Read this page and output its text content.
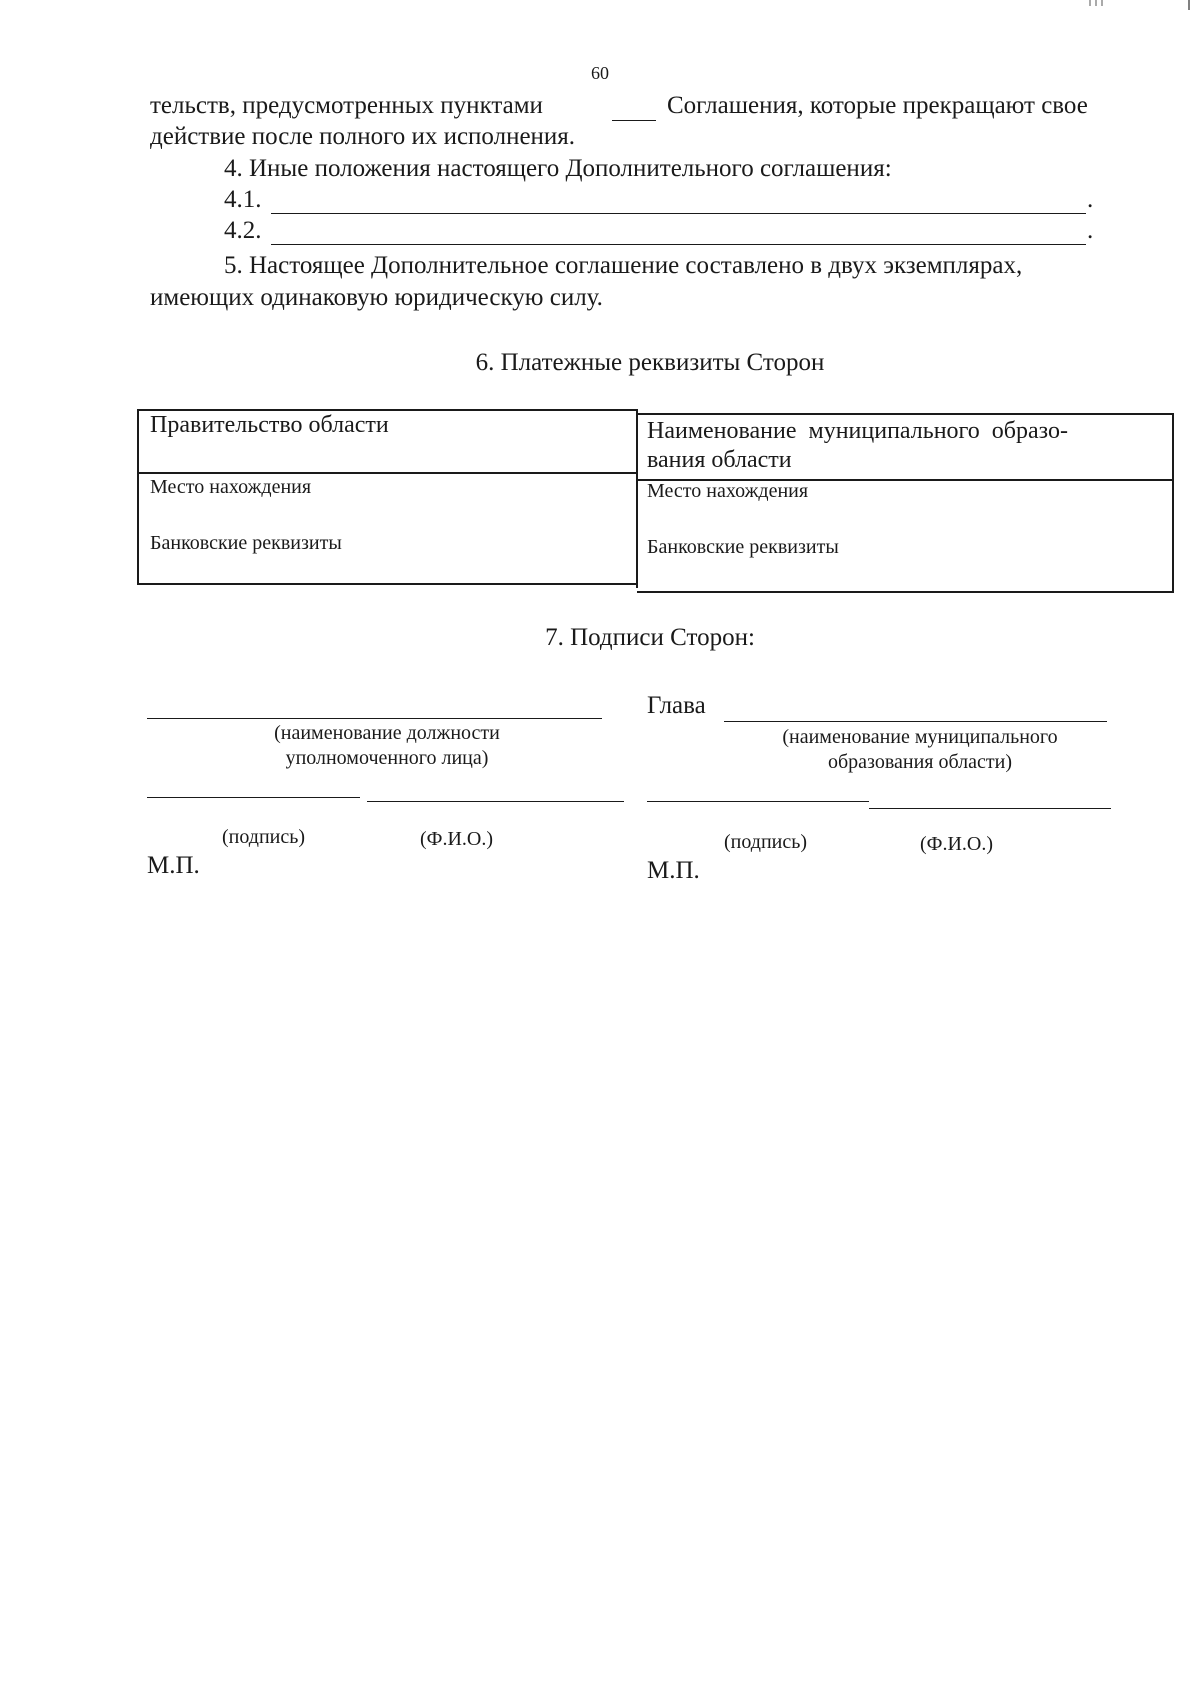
60
тельств, предусмотренных пунктами	Соглашения, которые прекращают свое
действие после полного их исполнения.
4. Иные положения настоящего Дополнительного соглашения:
4.1.	.
4.2.	.
5. Настоящее Дополнительное соглашение составлено в двух экземплярах,
имеющих одинаковую юридическую силу.
6. Платежные реквизиты Сторон
Правительство области
Место нахождения
Банковские реквизиты
Наименование  муниципального  образо-
вания области
Место нахождения
Банковские реквизиты
7. Подписи Сторон:
(наименование должности
уполномоченного лица)
(подпись)	(Ф.И.О.)
М.П.
Глава
(наименование муниципального
образования области)
(подпись)	(Ф.И.О.)
М.П.
